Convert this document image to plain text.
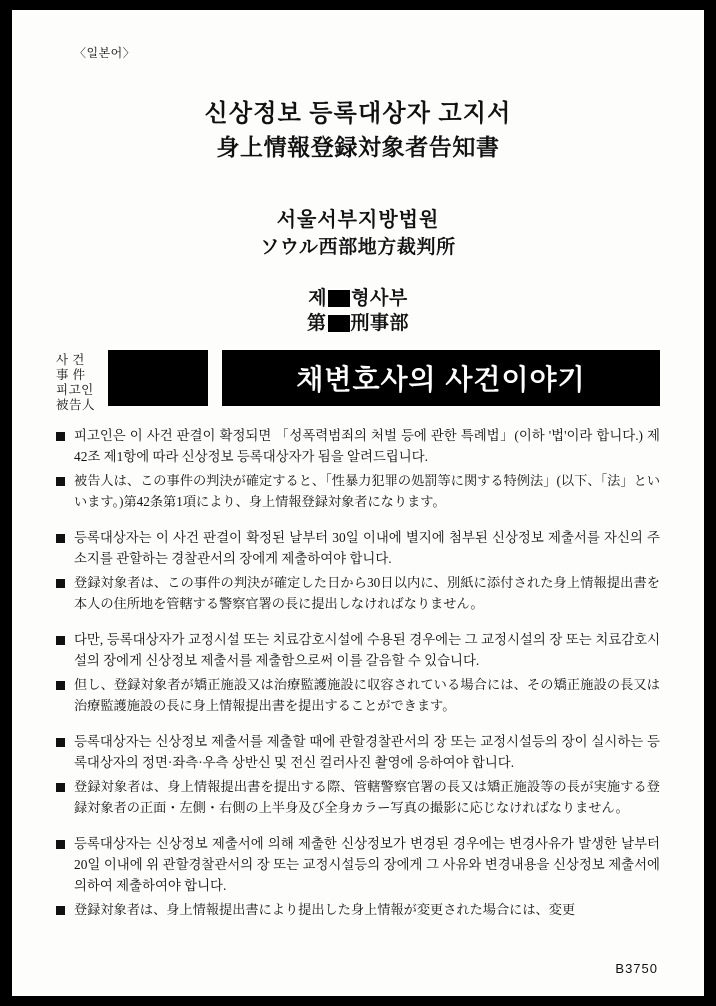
〈일본어〉
신상정보 등록대상자 고지서
身上情報登録対象者告知書
서울서부지방법원
ソウル西部地方裁判所
제 형사부
第 刑事部
사 건
事 件
피고인
被告人
채변호사의 사건이야기
피고인은 이 사건 판결이 확정되면 「성폭력범죄의 처벌 등에 관한 특례법」(이하 '법'이라 합니다.) 제42조 제1항에 따라 신상정보 등록대상자가 됨을 알려드립니다.
被告人は、この事件の判決が確定すると、「性暴力犯罪の処罰等に関する特例法」(以下、「法」といいます。)第42条第1項により、身上情報登録対象者になります。
등록대상자는 이 사건 판결이 확정된 날부터 30일 이내에 별지에 첨부된 신상정보 제출서를 자신의 주소지를 관할하는 경찰관서의 장에게 제출하여야 합니다.
登録対象者は、この事件の判決が確定した日から30日以内に、別紙に添付された身上情報提出書を本人の住所地を管轄する警察官署の長に提出しなければなりません。
다만, 등록대상자가 교정시설 또는 치료감호시설에 수용된 경우에는 그 교정시설의 장 또는 치료감호시설의 장에게 신상정보 제출서를 제출함으로써 이를 갈음할 수 있습니다.
但し、登録対象者が矯正施設又は治療監護施設に収容されている場合には、その矯正施設の長又は治療監護施設の長に身上情報提出書を提出することができます。
등록대상자는 신상정보 제출서를 제출할 때에 관할경찰관서의 장 또는 교정시설등의 장이 실시하는 등록대상자의 정면·좌측·우측 상반신 및 전신 컬러사진 촬영에 응하여야 합니다.
登録対象者は、身上情報提出書を提出する際、管轄警察官署の長又は矯正施設等の長が実施する登録対象者の正面・左側・右側の上半身及び全身カラー写真の撮影に応じなければなりません。
등록대상자는 신상정보 제출서에 의해 제출한 신상정보가 변경된 경우에는 변경사유가 발생한 날부터 20일 이내에 위 관할경찰관서의 장 또는 교정시설등의 장에게 그 사유와 변경내용을 신상정보 제출서에 의하여 제출하여야 합니다.
登録対象者は、身上情報提出書により提出した身上情報が変更された場合には、変更
B3750
